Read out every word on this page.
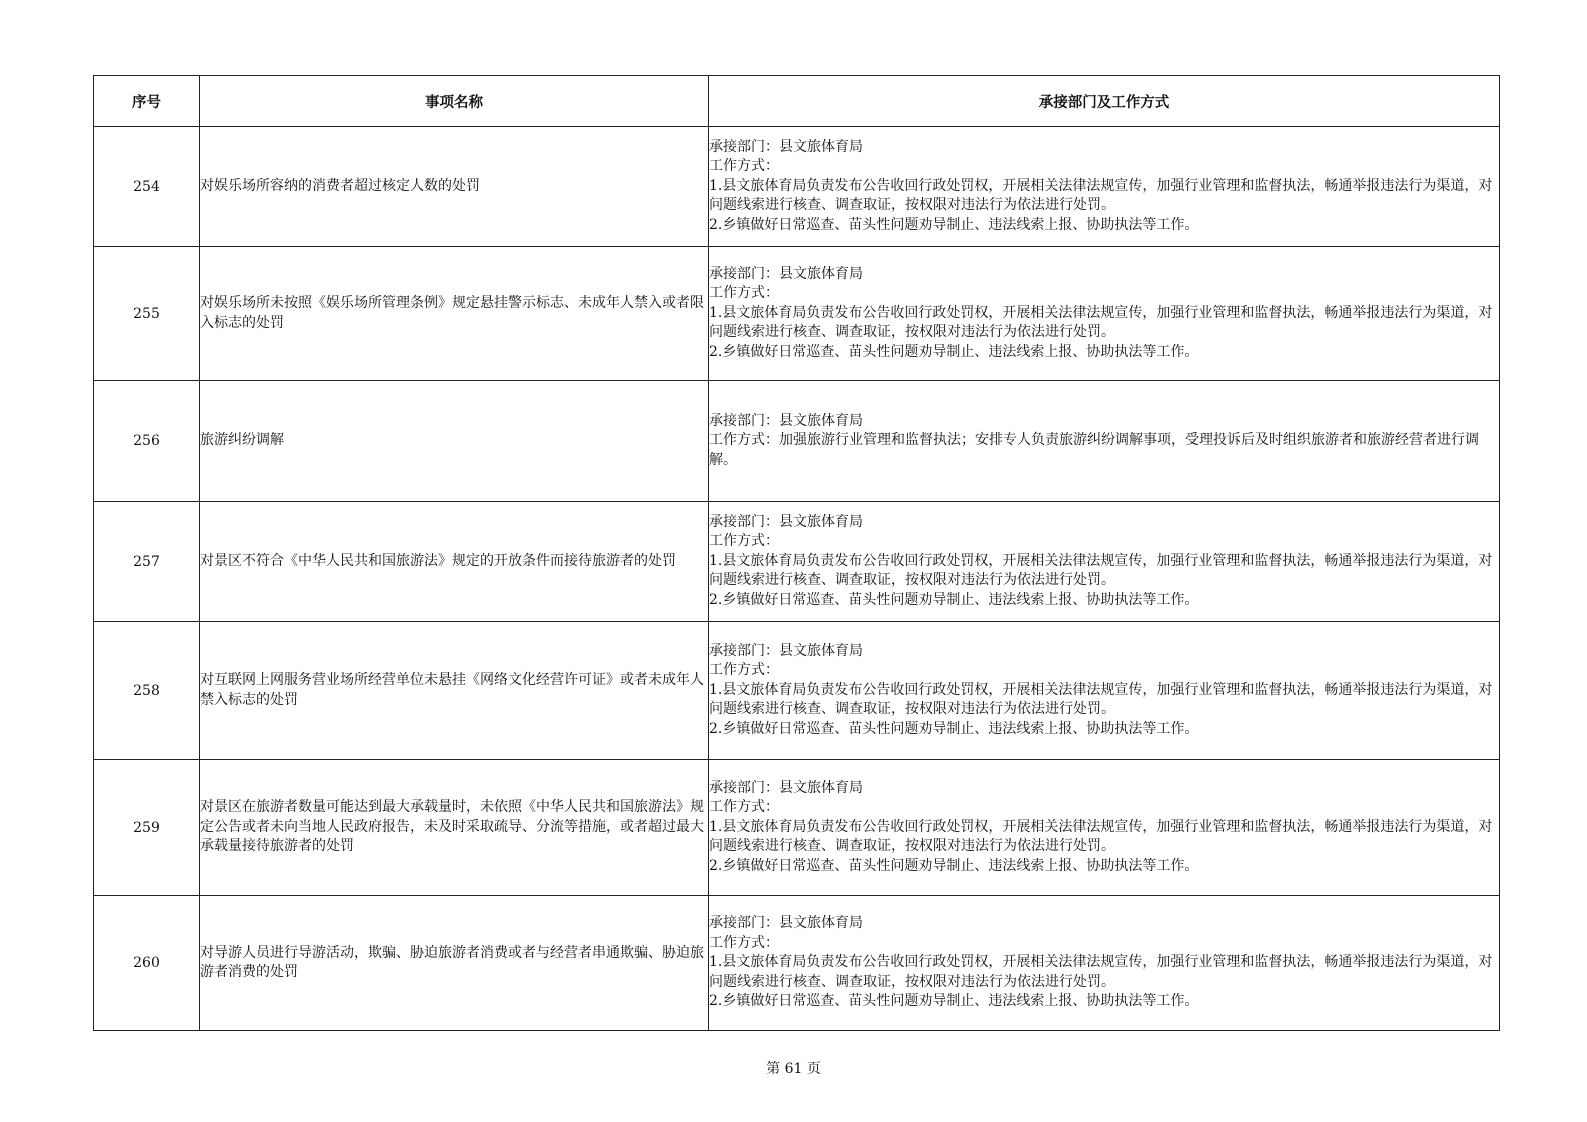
序号	事项名称	承接部门及工作方式
254	对娱乐场所容纳的消费者超过核定人数的处罚	承接部门：县文旅体育局
工作方式：
1.县文旅体育局负责发布公告收回行政处罚权，开展相关法律法规宣传，加强行业管理和监督执法，畅通举报违法行为渠道，对问题线索进行核查、调查取证，按权限对违法行为依法进行处罚。
2.乡镇做好日常巡查、苗头性问题劝导制止、违法线索上报、协助执法等工作。

255	对娱乐场所未按照《娱乐场所管理条例》规定悬挂警示标志、未成年人禁入或者限入标志的处罚	承接部门：县文旅体育局
工作方式：
1.县文旅体育局负责发布公告收回行政处罚权，开展相关法律法规宣传，加强行业管理和监督执法，畅通举报违法行为渠道，对问题线索进行核查、调查取证，按权限对违法行为依法进行处罚。
2.乡镇做好日常巡查、苗头性问题劝导制止、违法线索上报、协助执法等工作。

256	旅游纠纷调解	承接部门：县文旅体育局
工作方式：加强旅游行业管理和监督执法；安排专人负责旅游纠纷调解事项，受理投诉后及时组织旅游者和旅游经营者进行调解。

257	对景区不符合《中华人民共和国旅游法》规定的开放条件而接待旅游者的处罚	承接部门：县文旅体育局
工作方式：
1.县文旅体育局负责发布公告收回行政处罚权，开展相关法律法规宣传，加强行业管理和监督执法，畅通举报违法行为渠道，对问题线索进行核查、调查取证，按权限对违法行为依法进行处罚。
2.乡镇做好日常巡查、苗头性问题劝导制止、违法线索上报、协助执法等工作。

258	对互联网上网服务营业场所经营单位未悬挂《网络文化经营许可证》或者未成年人禁入标志的处罚	承接部门：县文旅体育局
工作方式：
1.县文旅体育局负责发布公告收回行政处罚权，开展相关法律法规宣传，加强行业管理和监督执法，畅通举报违法行为渠道，对问题线索进行核查、调查取证，按权限对违法行为依法进行处罚。
2.乡镇做好日常巡查、苗头性问题劝导制止、违法线索上报、协助执法等工作。

259	对景区在旅游者数量可能达到最大承载量时，未依照《中华人民共和国旅游法》规定公告或者未向当地人民政府报告，未及时采取疏导、分流等措施，或者超过最大承载量接待旅游者的处罚	承接部门：县文旅体育局
工作方式：
1.县文旅体育局负责发布公告收回行政处罚权，开展相关法律法规宣传，加强行业管理和监督执法，畅通举报违法行为渠道，对问题线索进行核查、调查取证，按权限对违法行为依法进行处罚。
2.乡镇做好日常巡查、苗头性问题劝导制止、违法线索上报、协助执法等工作。

260	对导游人员进行导游活动，欺骗、胁迫旅游者消费或者与经营者串通欺骗、胁迫旅游者消费的处罚	承接部门：县文旅体育局
工作方式：
1.县文旅体育局负责发布公告收回行政处罚权，开展相关法律法规宣传，加强行业管理和监督执法，畅通举报违法行为渠道，对问题线索进行核查、调查取证，按权限对违法行为依法进行处罚。
2.乡镇做好日常巡查、苗头性问题劝导制止、违法线索上报、协助执法等工作。
第 61 页
